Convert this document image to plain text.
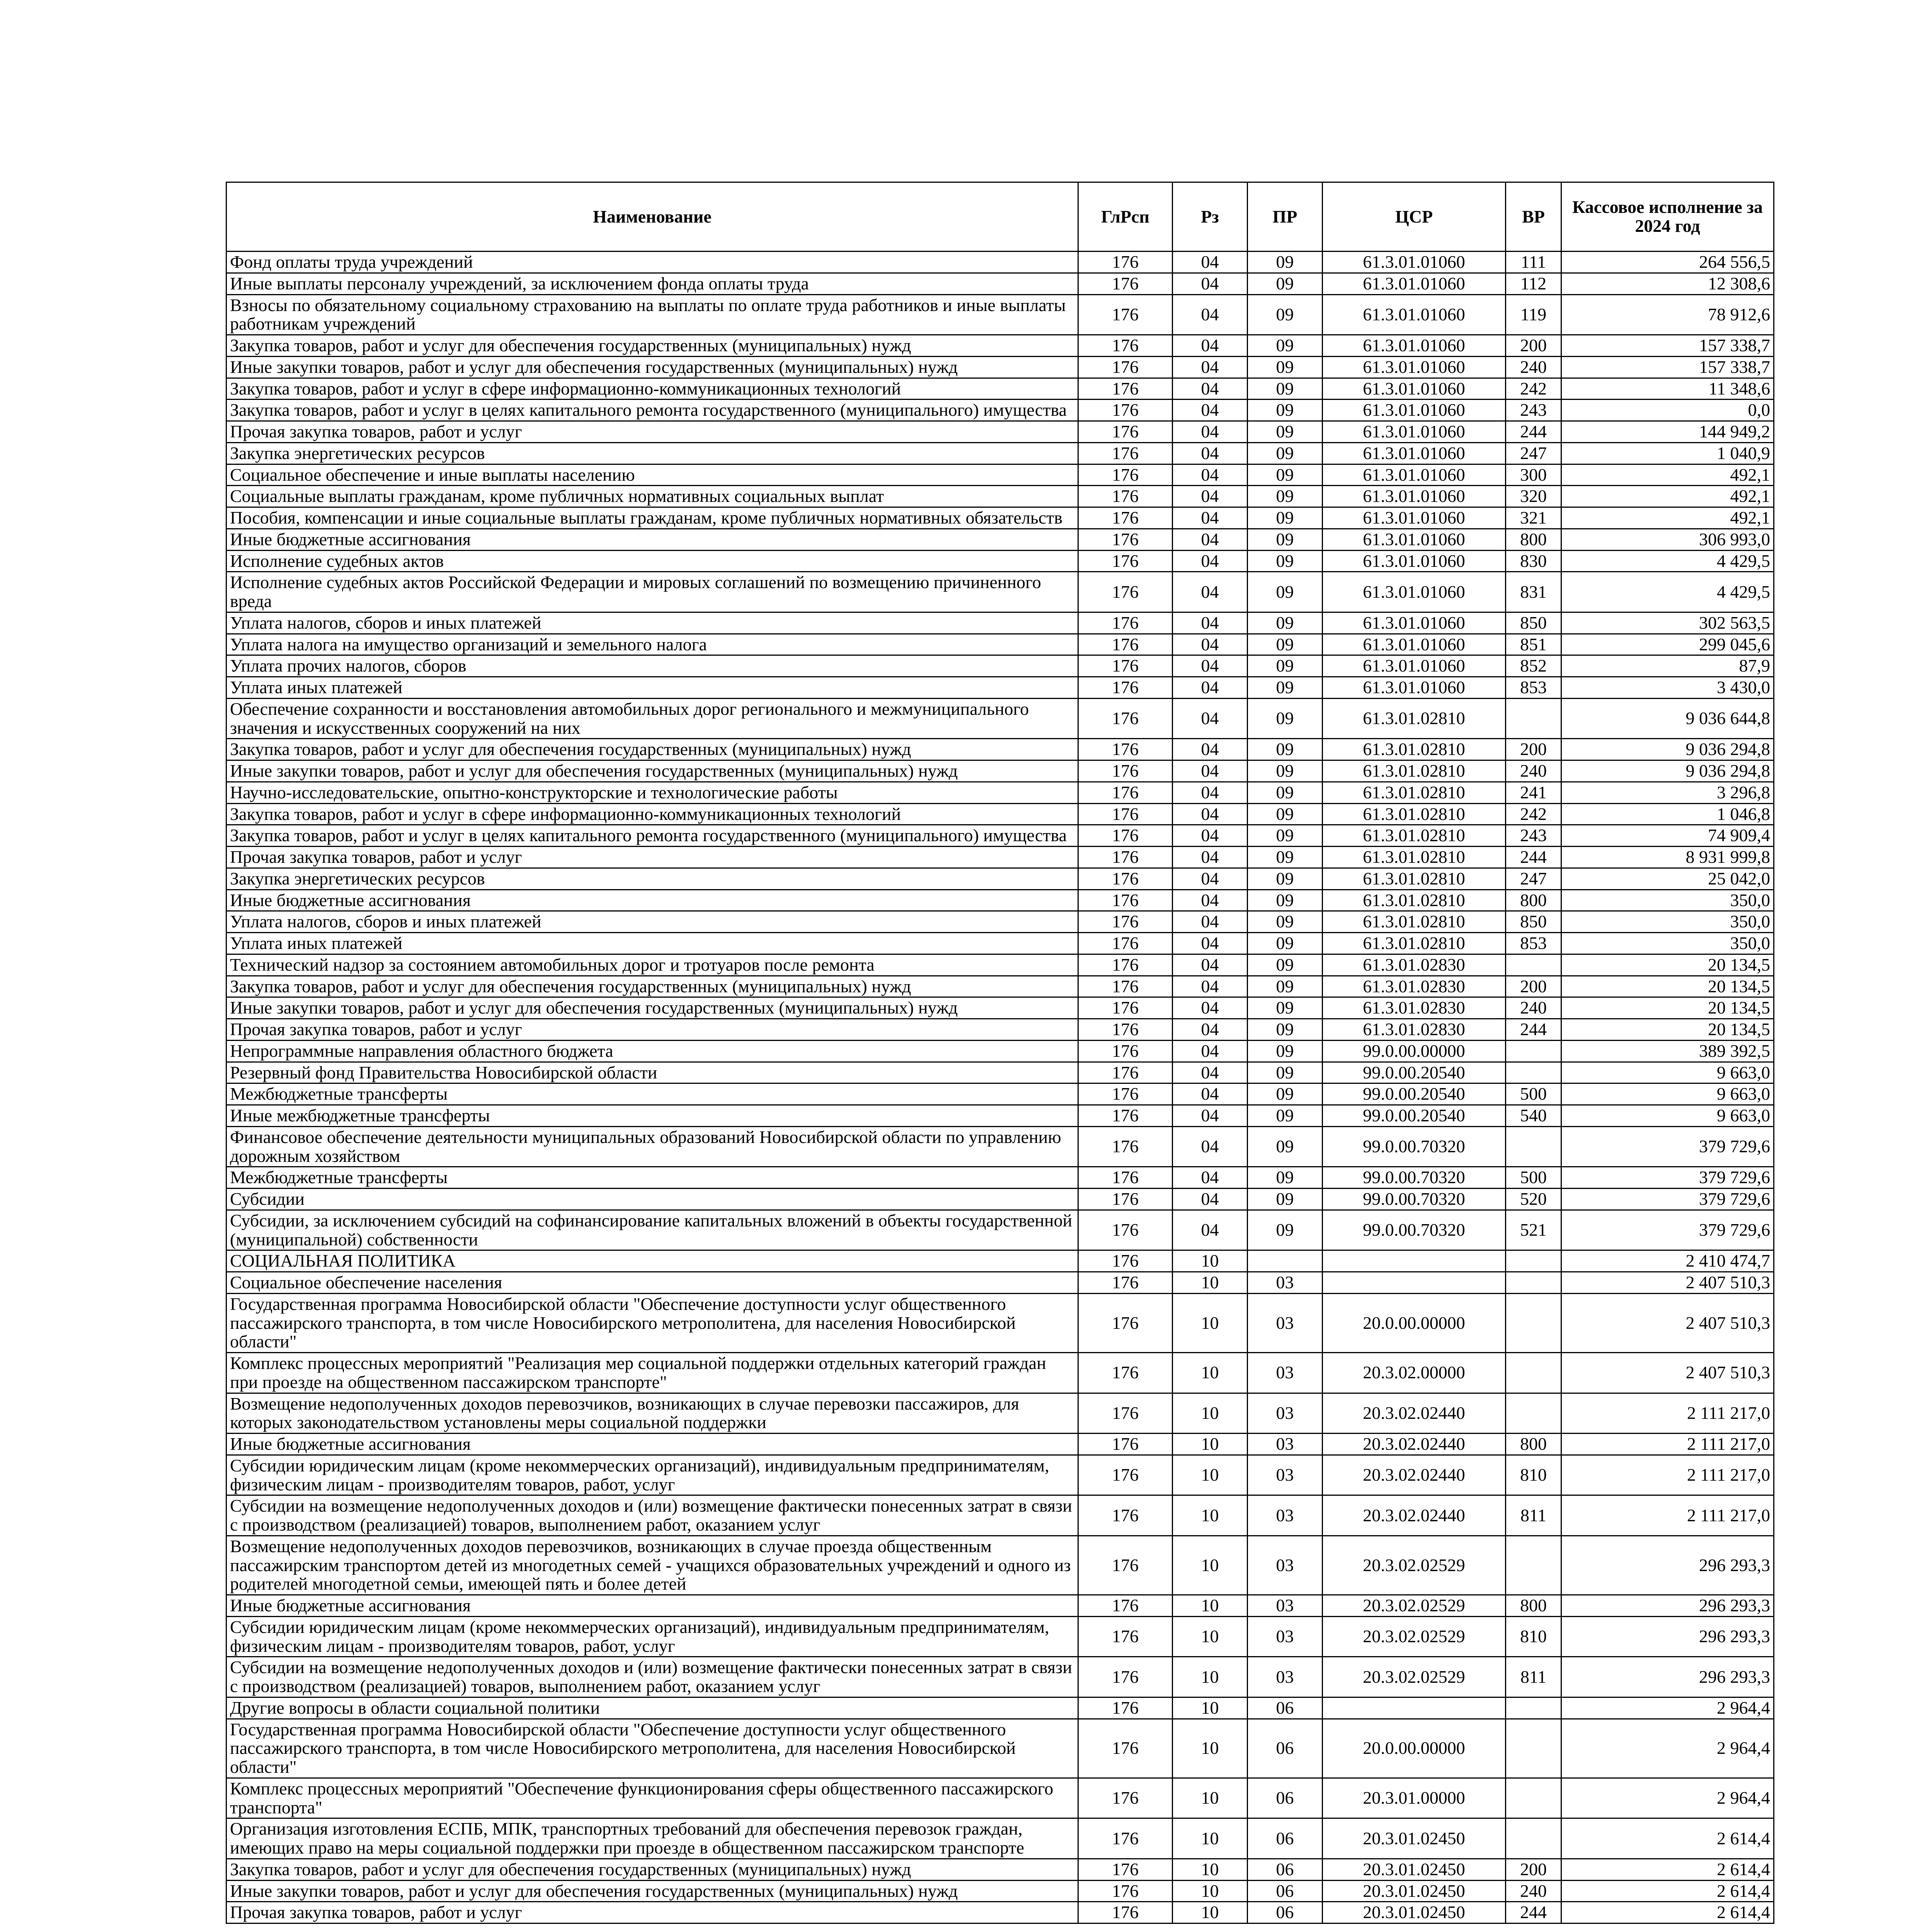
Наименование	ГлРсп	Рз	ПР	ЦСР	ВР	Кассовое исполнение за 2024 год
Фонд оплаты труда учреждений	176	04	09	61.3.01.01060	111	264 556,5
Иные выплаты персоналу учреждений, за исключением фонда оплаты труда	176	04	09	61.3.01.01060	112	12 308,6
Взносы по обязательному социальному страхованию на выплаты по оплате труда работников и иные выплаты работникам учреждений	176	04	09	61.3.01.01060	119	78 912,6
Закупка товаров, работ и услуг для обеспечения государственных (муниципальных) нужд	176	04	09	61.3.01.01060	200	157 338,7
Иные закупки товаров, работ и услуг для обеспечения государственных (муниципальных) нужд	176	04	09	61.3.01.01060	240	157 338,7
Закупка товаров, работ и услуг в сфере информационно-коммуникационных технологий	176	04	09	61.3.01.01060	242	11 348,6
Закупка товаров, работ и услуг в целях капитального ремонта государственного (муниципального) имущества	176	04	09	61.3.01.01060	243	0,0
Прочая закупка товаров, работ и услуг	176	04	09	61.3.01.01060	244	144 949,2
Закупка энергетических ресурсов	176	04	09	61.3.01.01060	247	1 040,9
Социальное обеспечение и иные выплаты населению	176	04	09	61.3.01.01060	300	492,1
Социальные выплаты гражданам, кроме публичных нормативных социальных выплат	176	04	09	61.3.01.01060	320	492,1
Пособия, компенсации и иные социальные выплаты гражданам, кроме публичных нормативных обязательств	176	04	09	61.3.01.01060	321	492,1
Иные бюджетные ассигнования	176	04	09	61.3.01.01060	800	306 993,0
Исполнение судебных актов	176	04	09	61.3.01.01060	830	4 429,5
Исполнение судебных актов Российской Федерации и мировых соглашений по возмещению причиненного вреда	176	04	09	61.3.01.01060	831	4 429,5
Уплата налогов, сборов и иных платежей	176	04	09	61.3.01.01060	850	302 563,5
Уплата налога на имущество организаций и земельного налога	176	04	09	61.3.01.01060	851	299 045,6
Уплата прочих налогов, сборов	176	04	09	61.3.01.01060	852	87,9
Уплата иных платежей	176	04	09	61.3.01.01060	853	3 430,0
Обеспечение сохранности и восстановления автомобильных дорог регионального и межмуниципального значения и искусственных сооружений на них	176	04	09	61.3.01.02810		9 036 644,8
Закупка товаров, работ и услуг для обеспечения государственных (муниципальных) нужд	176	04	09	61.3.01.02810	200	9 036 294,8
Иные закупки товаров, работ и услуг для обеспечения государственных (муниципальных) нужд	176	04	09	61.3.01.02810	240	9 036 294,8
Научно-исследовательские, опытно-конструкторские и технологические работы	176	04	09	61.3.01.02810	241	3 296,8
Закупка товаров, работ и услуг в сфере информационно-коммуникационных технологий	176	04	09	61.3.01.02810	242	1 046,8
Закупка товаров, работ и услуг в целях капитального ремонта государственного (муниципального) имущества	176	04	09	61.3.01.02810	243	74 909,4
Прочая закупка товаров, работ и услуг	176	04	09	61.3.01.02810	244	8 931 999,8
Закупка энергетических ресурсов	176	04	09	61.3.01.02810	247	25 042,0
Иные бюджетные ассигнования	176	04	09	61.3.01.02810	800	350,0
Уплата налогов, сборов и иных платежей	176	04	09	61.3.01.02810	850	350,0
Уплата иных платежей	176	04	09	61.3.01.02810	853	350,0
Технический надзор за состоянием автомобильных дорог и тротуаров после ремонта	176	04	09	61.3.01.02830		20 134,5
Закупка товаров, работ и услуг для обеспечения государственных (муниципальных) нужд	176	04	09	61.3.01.02830	200	20 134,5
Иные закупки товаров, работ и услуг для обеспечения государственных (муниципальных) нужд	176	04	09	61.3.01.02830	240	20 134,5
Прочая закупка товаров, работ и услуг	176	04	09	61.3.01.02830	244	20 134,5
Непрограммные направления областного бюджета	176	04	09	99.0.00.00000		389 392,5
Резервный фонд Правительства Новосибирской области	176	04	09	99.0.00.20540		9 663,0
Межбюджетные трансферты	176	04	09	99.0.00.20540	500	9 663,0
Иные межбюджетные трансферты	176	04	09	99.0.00.20540	540	9 663,0
Финансовое обеспечение деятельности муниципальных образований Новосибирской области по управлению дорожным хозяйством	176	04	09	99.0.00.70320		379 729,6
Межбюджетные трансферты	176	04	09	99.0.00.70320	500	379 729,6
Субсидии	176	04	09	99.0.00.70320	520	379 729,6
Субсидии, за исключением субсидий на софинансирование капитальных вложений в объекты государственной (муниципальной) собственности	176	04	09	99.0.00.70320	521	379 729,6
СОЦИАЛЬНАЯ ПОЛИТИКА	176	10				2 410 474,7
Социальное обеспечение населения	176	10	03			2 407 510,3
Государственная программа Новосибирской области "Обеспечение доступности услуг общественного пассажирского транспорта, в том числе Новосибирского метрополитена, для населения Новосибирской области"	176	10	03	20.0.00.00000		2 407 510,3
Комплекс процессных мероприятий "Реализация мер социальной поддержки отдельных категорий граждан при проезде на общественном пассажирском транспорте"	176	10	03	20.3.02.00000		2 407 510,3
Возмещение недополученных доходов перевозчиков, возникающих в случае перевозки пассажиров, для которых законодательством установлены меры социальной поддержки	176	10	03	20.3.02.02440		2 111 217,0
Иные бюджетные ассигнования	176	10	03	20.3.02.02440	800	2 111 217,0
Субсидии юридическим лицам (кроме некоммерческих организаций), индивидуальным предпринимателям, физическим лицам - производителям товаров, работ, услуг	176	10	03	20.3.02.02440	810	2 111 217,0
Субсидии на возмещение недополученных доходов и (или) возмещение фактически понесенных затрат в связи с производством (реализацией) товаров, выполнением работ, оказанием услуг	176	10	03	20.3.02.02440	811	2 111 217,0
Возмещение недополученных доходов перевозчиков, возникающих в случае проезда общественным пассажирским транспортом детей из многодетных семей - учащихся образовательных учреждений и одного из родителей многодетной семьи, имеющей пять и более детей	176	10	03	20.3.02.02529		296 293,3
Иные бюджетные ассигнования	176	10	03	20.3.02.02529	800	296 293,3
Субсидии юридическим лицам (кроме некоммерческих организаций), индивидуальным предпринимателям, физическим лицам - производителям товаров, работ, услуг	176	10	03	20.3.02.02529	810	296 293,3
Субсидии на возмещение недополученных доходов и (или) возмещение фактически понесенных затрат в связи с производством (реализацией) товаров, выполнением работ, оказанием услуг	176	10	03	20.3.02.02529	811	296 293,3
Другие вопросы в области социальной политики	176	10	06			2 964,4
Государственная программа Новосибирской области "Обеспечение доступности услуг общественного пассажирского транспорта, в том числе Новосибирского метрополитена, для населения Новосибирской области"	176	10	06	20.0.00.00000		2 964,4
Комплекс процессных мероприятий "Обеспечение функционирования сферы общественного пассажирского транспорта"	176	10	06	20.3.01.00000		2 964,4
Организация изготовления ЕСПБ, МПК, транспортных требований для обеспечения перевозок граждан, имеющих право на меры социальной поддержки при проезде в общественном пассажирском транспорте	176	10	06	20.3.01.02450		2 614,4
Закупка товаров, работ и услуг для обеспечения государственных (муниципальных) нужд	176	10	06	20.3.01.02450	200	2 614,4
Иные закупки товаров, работ и услуг для обеспечения государственных (муниципальных) нужд	176	10	06	20.3.01.02450	240	2 614,4
Прочая закупка товаров, работ и услуг	176	10	06	20.3.01.02450	244	2 614,4
